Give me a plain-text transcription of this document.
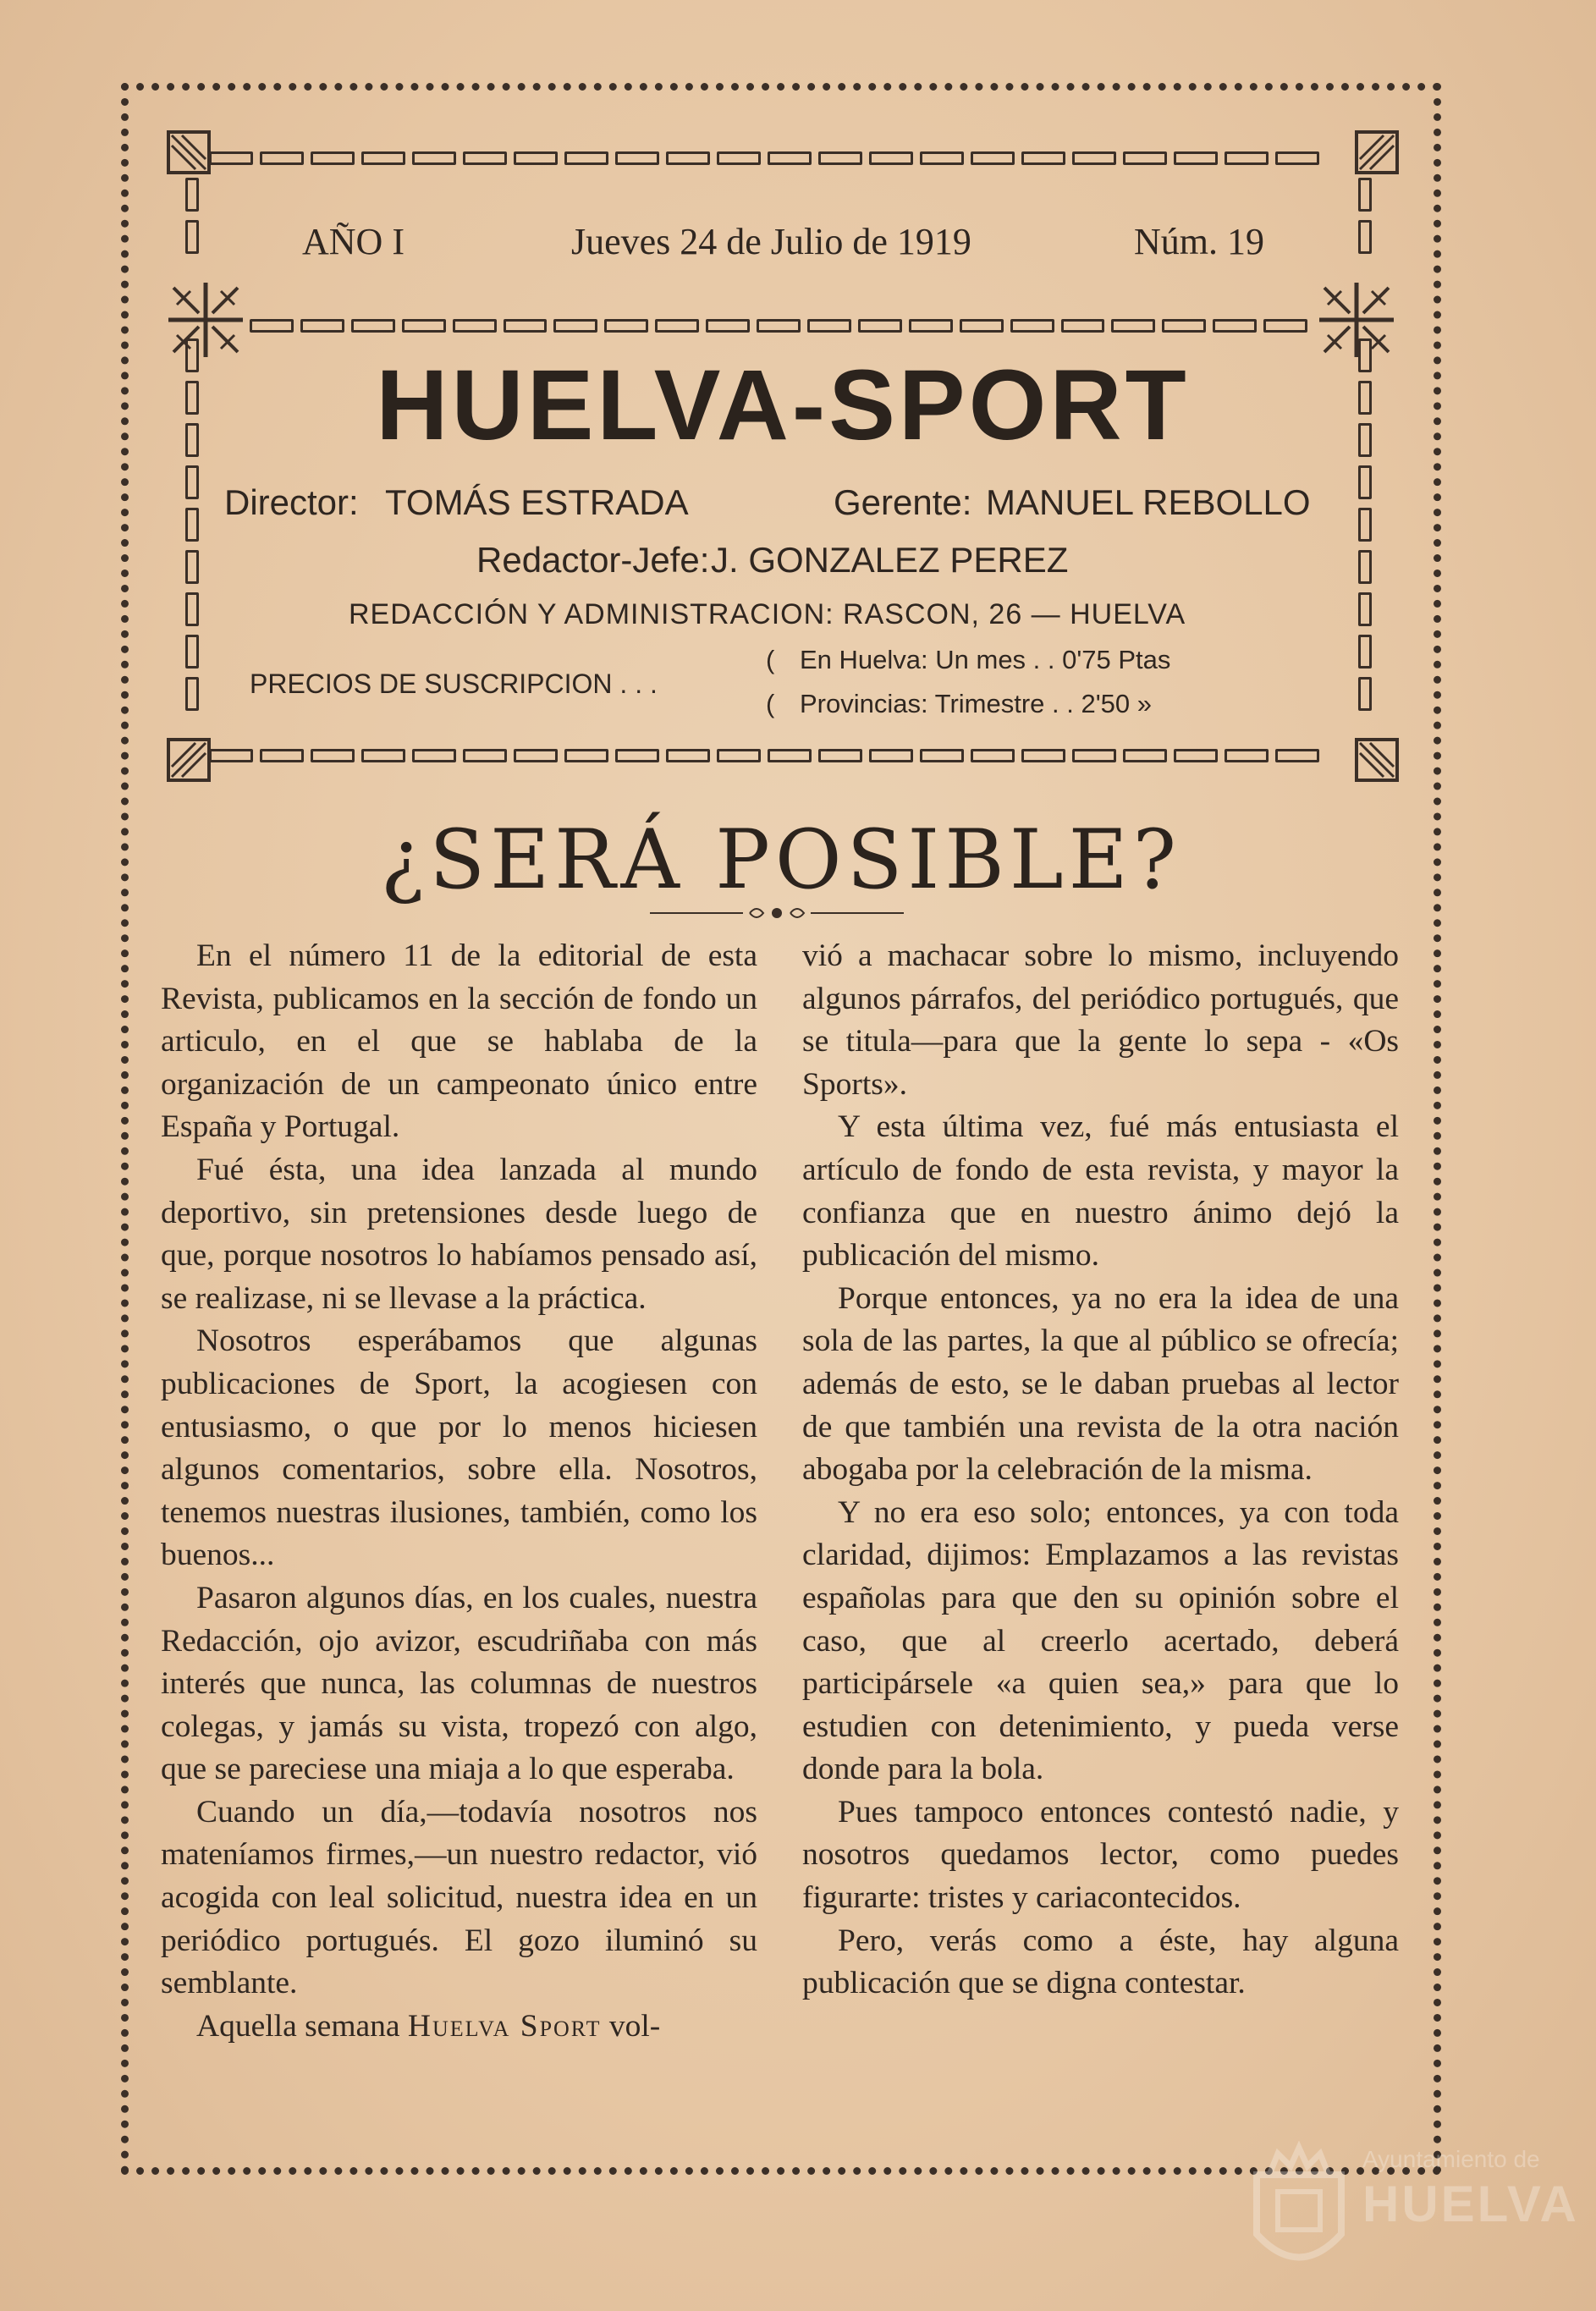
AÑO I	Jueves 24 de Julio de 1919	Núm. 19
HUELVA-SPORT
Director: TOMÁS ESTRADA	Gerente: MANUEL REBOLLO
Redactor-Jefe: J. GONZALEZ PEREZ
REDACCIÓN Y ADMINISTRACION: RASCON, 26 — HUELVA
PRECIOS DE SUSCRIPCION . . .
( En Huelva: Un mes . . 0'75 Ptas
( Provincias: Trimestre . . 2'50 »
¿SERÁ POSIBLE?

En el número 11 de la editorial de esta Revista, publicamos en la sección de fondo un articulo, en el que se hablaba de la organización de un campeonato único entre España y Portugal.

Fué ésta, una idea lanzada al mundo deportivo, sin pretensiones desde luego de que, porque nosotros lo habíamos pensado así, se realizase, ni se llevase a la práctica.

Nosotros esperábamos que algunas publicaciones de Sport, la acogiesen con entusiasmo, o que por lo menos hiciesen algunos comentarios, sobre ella. Nosotros, tenemos nuestras ilusiones, también, como los buenos...

Pasaron algunos días, en los cuales, nuestra Redacción, ojo avizor, escudriñaba con más interés que nunca, las columnas de nuestros colegas, y jamás su vista, tropezó con algo, que se pareciese una miaja a lo que esperaba.

Cuando un día,—todavía nosotros nos mateníamos firmes,—un nuestro redactor, vió acogida con leal solicitud, nuestra idea en un periódico portugués. El gozo iluminó su semblante.

Aquella semana Huelva Sport vol-

vió a machacar sobre lo mismo, incluyendo algunos párrafos, del periódico portugués, que se titula—para que la gente lo sepa - «Os Sports».

Y esta última vez, fué más entusiasta el artículo de fondo de esta revista, y mayor la confianza que en nuestro ánimo dejó la publicación del mismo.

Porque entonces, ya no era la idea de una sola de las partes, la que al público se ofrecía; además de esto, se le daban pruebas al lector de que también una revista de la otra nación abogaba por la celebración de la misma.

Y no era eso solo; entonces, ya con toda claridad, dijimos: Emplazamos a las revistas españolas para que den su opinión sobre el caso, que al creerlo acertado, deberá participársele «a quien sea,» para que lo estudien con detenimiento, y pueda verse donde para la bola.

Pues tampoco entonces contestó nadie, y nosotros quedamos lector, como puedes figurarte: tristes y cariacontecidos.

Pero, verás como a éste, hay alguna publicación que se digna contestar.

Ayuntamiento de
HUELVA
